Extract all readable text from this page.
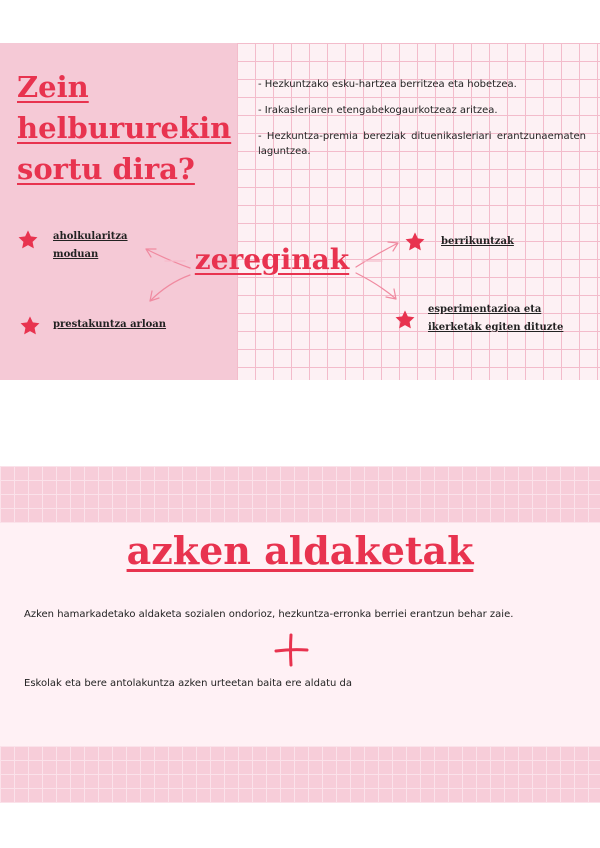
Zein helbururekin sortu dira?

- Hezkuntzako esku-hartzea berritzea eta hobetzea.

- Irakasleriaren etengabekogaurkotzeaz aritzea.

- Hezkuntza-premia bereziak dituenikasleriari erantzunaematen laguntzea.

zereginak
aholkularitza moduan
prestakuntza arloan
berrikuntzak
esperimentazioa eta ikerketak egiten dituzte
azken aldaketak
Azken hamarkadetako aldaketa sozialen ondorioz, hezkuntza-erronka berriei erantzun behar zaie.
Eskolak eta bere antolakuntza azken urteetan baita ere aldatu da
